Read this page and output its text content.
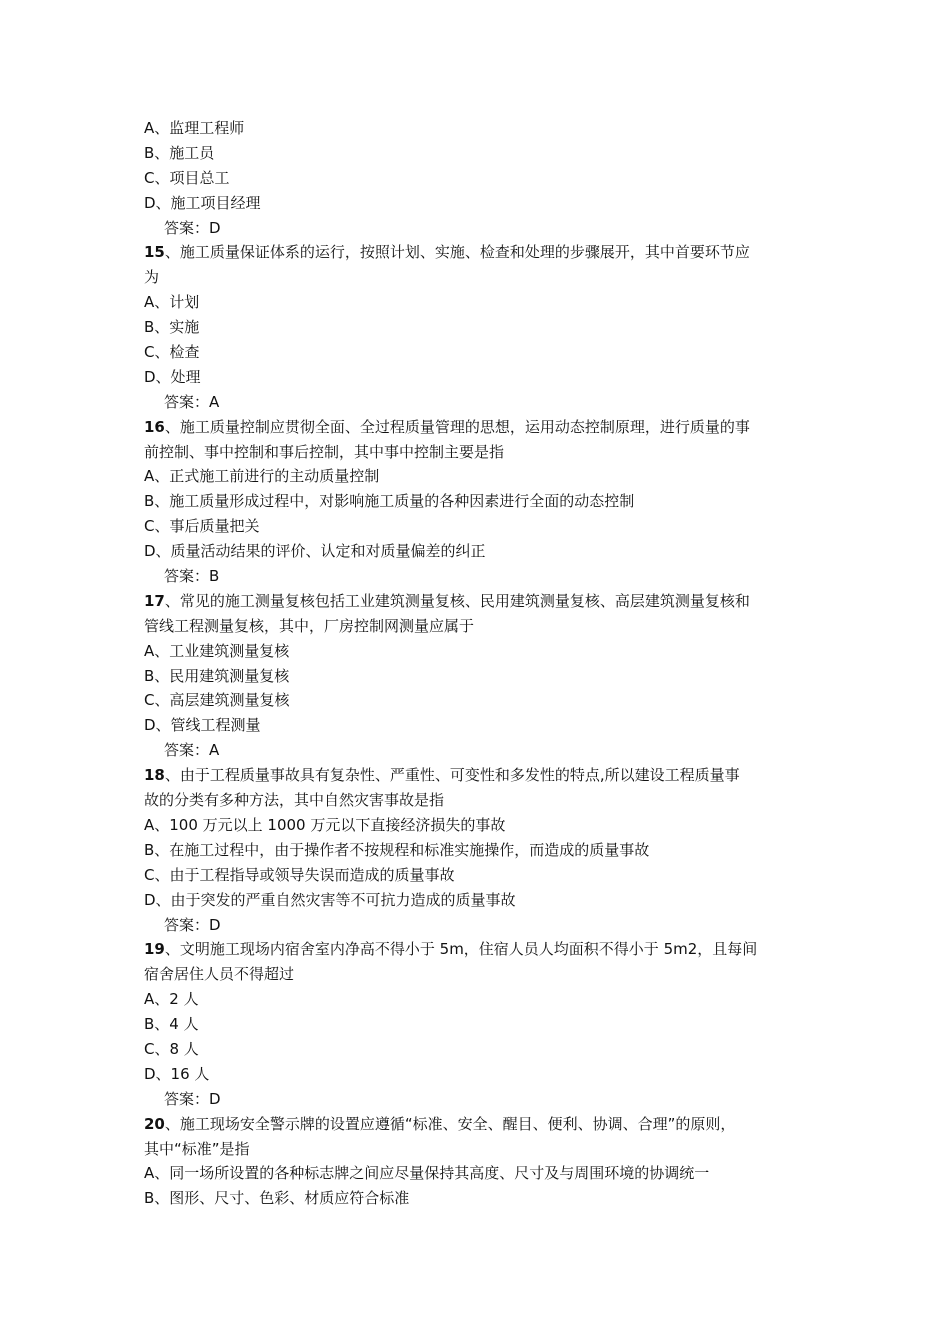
A、监理工程师
B、施工员
C、项目总工
D、施工项目经理
答案：D
15、施工质量保证体系的运行，按照计划、实施、检查和处理的步骤展开，其中首要环节应
为
A、计划
B、实施
C、检查
D、处理
答案：A
16、施工质量控制应贯彻全面、全过程质量管理的思想，运用动态控制原理，进行质量的事
前控制、事中控制和事后控制，其中事中控制主要是指
A、正式施工前进行的主动质量控制
B、施工质量形成过程中，对影响施工质量的各种因素进行全面的动态控制
C、事后质量把关
D、质量活动结果的评价、认定和对质量偏差的纠正
答案：B
17、常见的施工测量复核包括工业建筑测量复核、民用建筑测量复核、高层建筑测量复核和
管线工程测量复核，其中，厂房控制网测量应属于
A、工业建筑测量复核
B、民用建筑测量复核
C、高层建筑测量复核
D、管线工程测量
答案：A
18、由于工程质量事故具有复杂性、严重性、可变性和多发性的特点,所以建设工程质量事
故的分类有多种方法，其中自然灾害事故是指
A、100 万元以上 1000 万元以下直接经济损失的事故
B、在施工过程中，由于操作者不按规程和标准实施操作，而造成的质量事故
C、由于工程指导或领导失误而造成的质量事故
D、由于突发的严重自然灾害等不可抗力造成的质量事故
答案：D
19、文明施工现场内宿舍室内净高不得小于 5m，住宿人员人均面积不得小于 5m2，且每间
宿舍居住人员不得超过
A、2 人
B、4 人
C、8 人
D、16 人
答案：D
20、施工现场安全警示牌的设置应遵循“标准、安全、醒目、便利、协调、合理”的原则，
其中“标准”是指
A、同一场所设置的各种标志牌之间应尽量保持其高度、尺寸及与周围环境的协调统一
B、图形、尺寸、色彩、材质应符合标准
